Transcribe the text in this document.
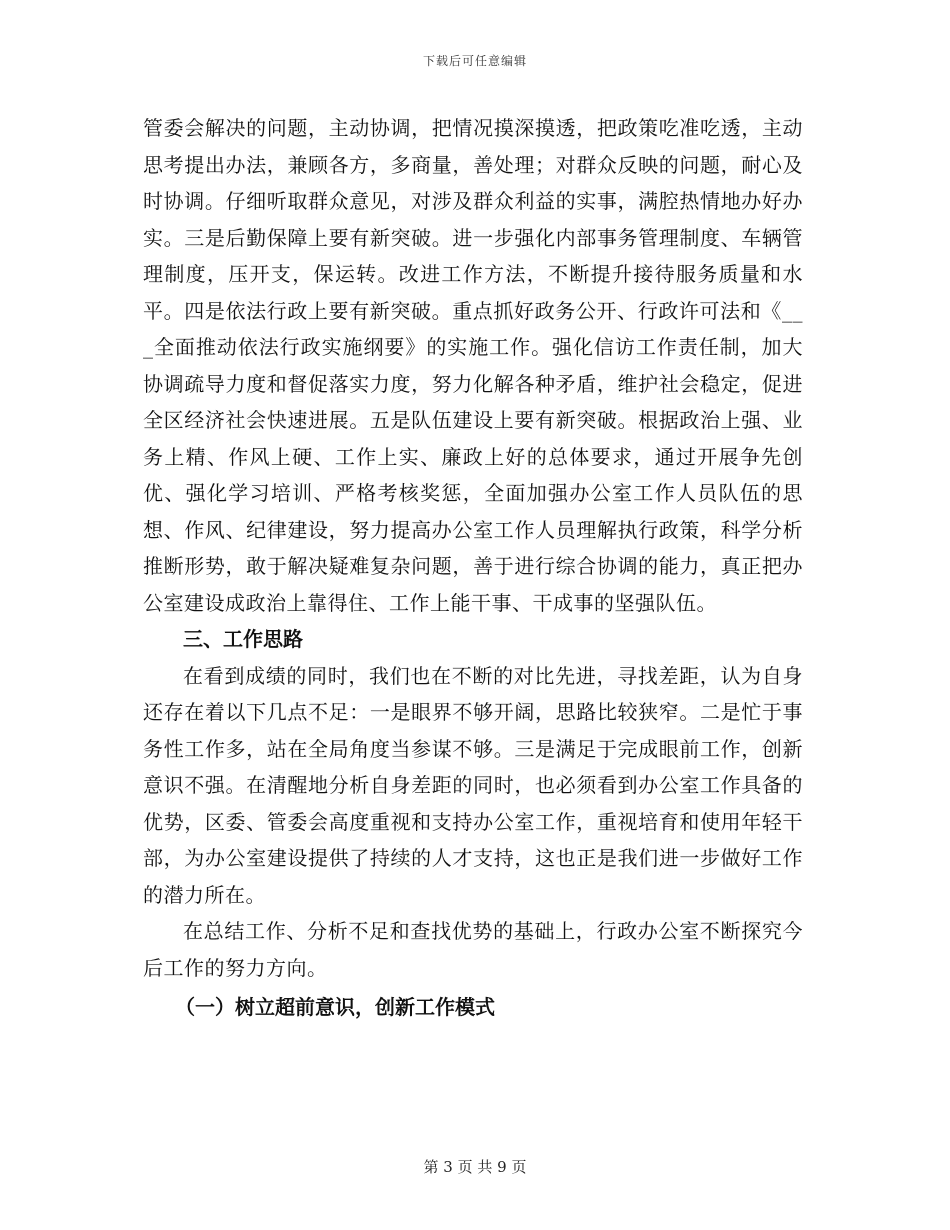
下载后可任意编辑

管委会解决的问题，主动协调，把情况摸深摸透，把政策吃准吃透，主动思考提出办法，兼顾各方，多商量，善处理；对群众反映的问题，耐心及时协调。仔细听取群众意见，对涉及群众利益的实事，满腔热情地办好办实。三是后勤保障上要有新突破。进一步强化内部事务管理制度、车辆管理制度，压开支，保运转。改进工作方法，不断提升接待服务质量和水平。四是依法行政上要有新突破。重点抓好政务公开、行政许可法和《___全面推动依法行政实施纲要》的实施工作。强化信访工作责任制，加大协调疏导力度和督促落实力度，努力化解各种矛盾，维护社会稳定，促进全区经济社会快速进展。五是队伍建设上要有新突破。根据政治上强、业务上精、作风上硬、工作上实、廉政上好的总体要求，通过开展争先创优、强化学习培训、严格考核奖惩，全面加强办公室工作人员队伍的思想、作风、纪律建设，努力提高办公室工作人员理解执行政策，科学分析推断形势，敢于解决疑难复杂问题，善于进行综合协调的能力，真正把办公室建设成政治上靠得住、工作上能干事、干成事的坚强队伍。

三、工作思路

在看到成绩的同时，我们也在不断的对比先进，寻找差距，认为自身还存在着以下几点不足：一是眼界不够开阔，思路比较狭窄。二是忙于事务性工作多，站在全局角度当参谋不够。三是满足于完成眼前工作，创新意识不强。在清醒地分析自身差距的同时，也必须看到办公室工作具备的优势，区委、管委会高度重视和支持办公室工作，重视培育和使用年轻干部，为办公室建设提供了持续的人才支持，这也正是我们进一步做好工作的潜力所在。

在总结工作、分析不足和查找优势的基础上，行政办公室不断探究今后工作的努力方向。

（一）树立超前意识，创新工作模式

第 3 页 共 9 页
